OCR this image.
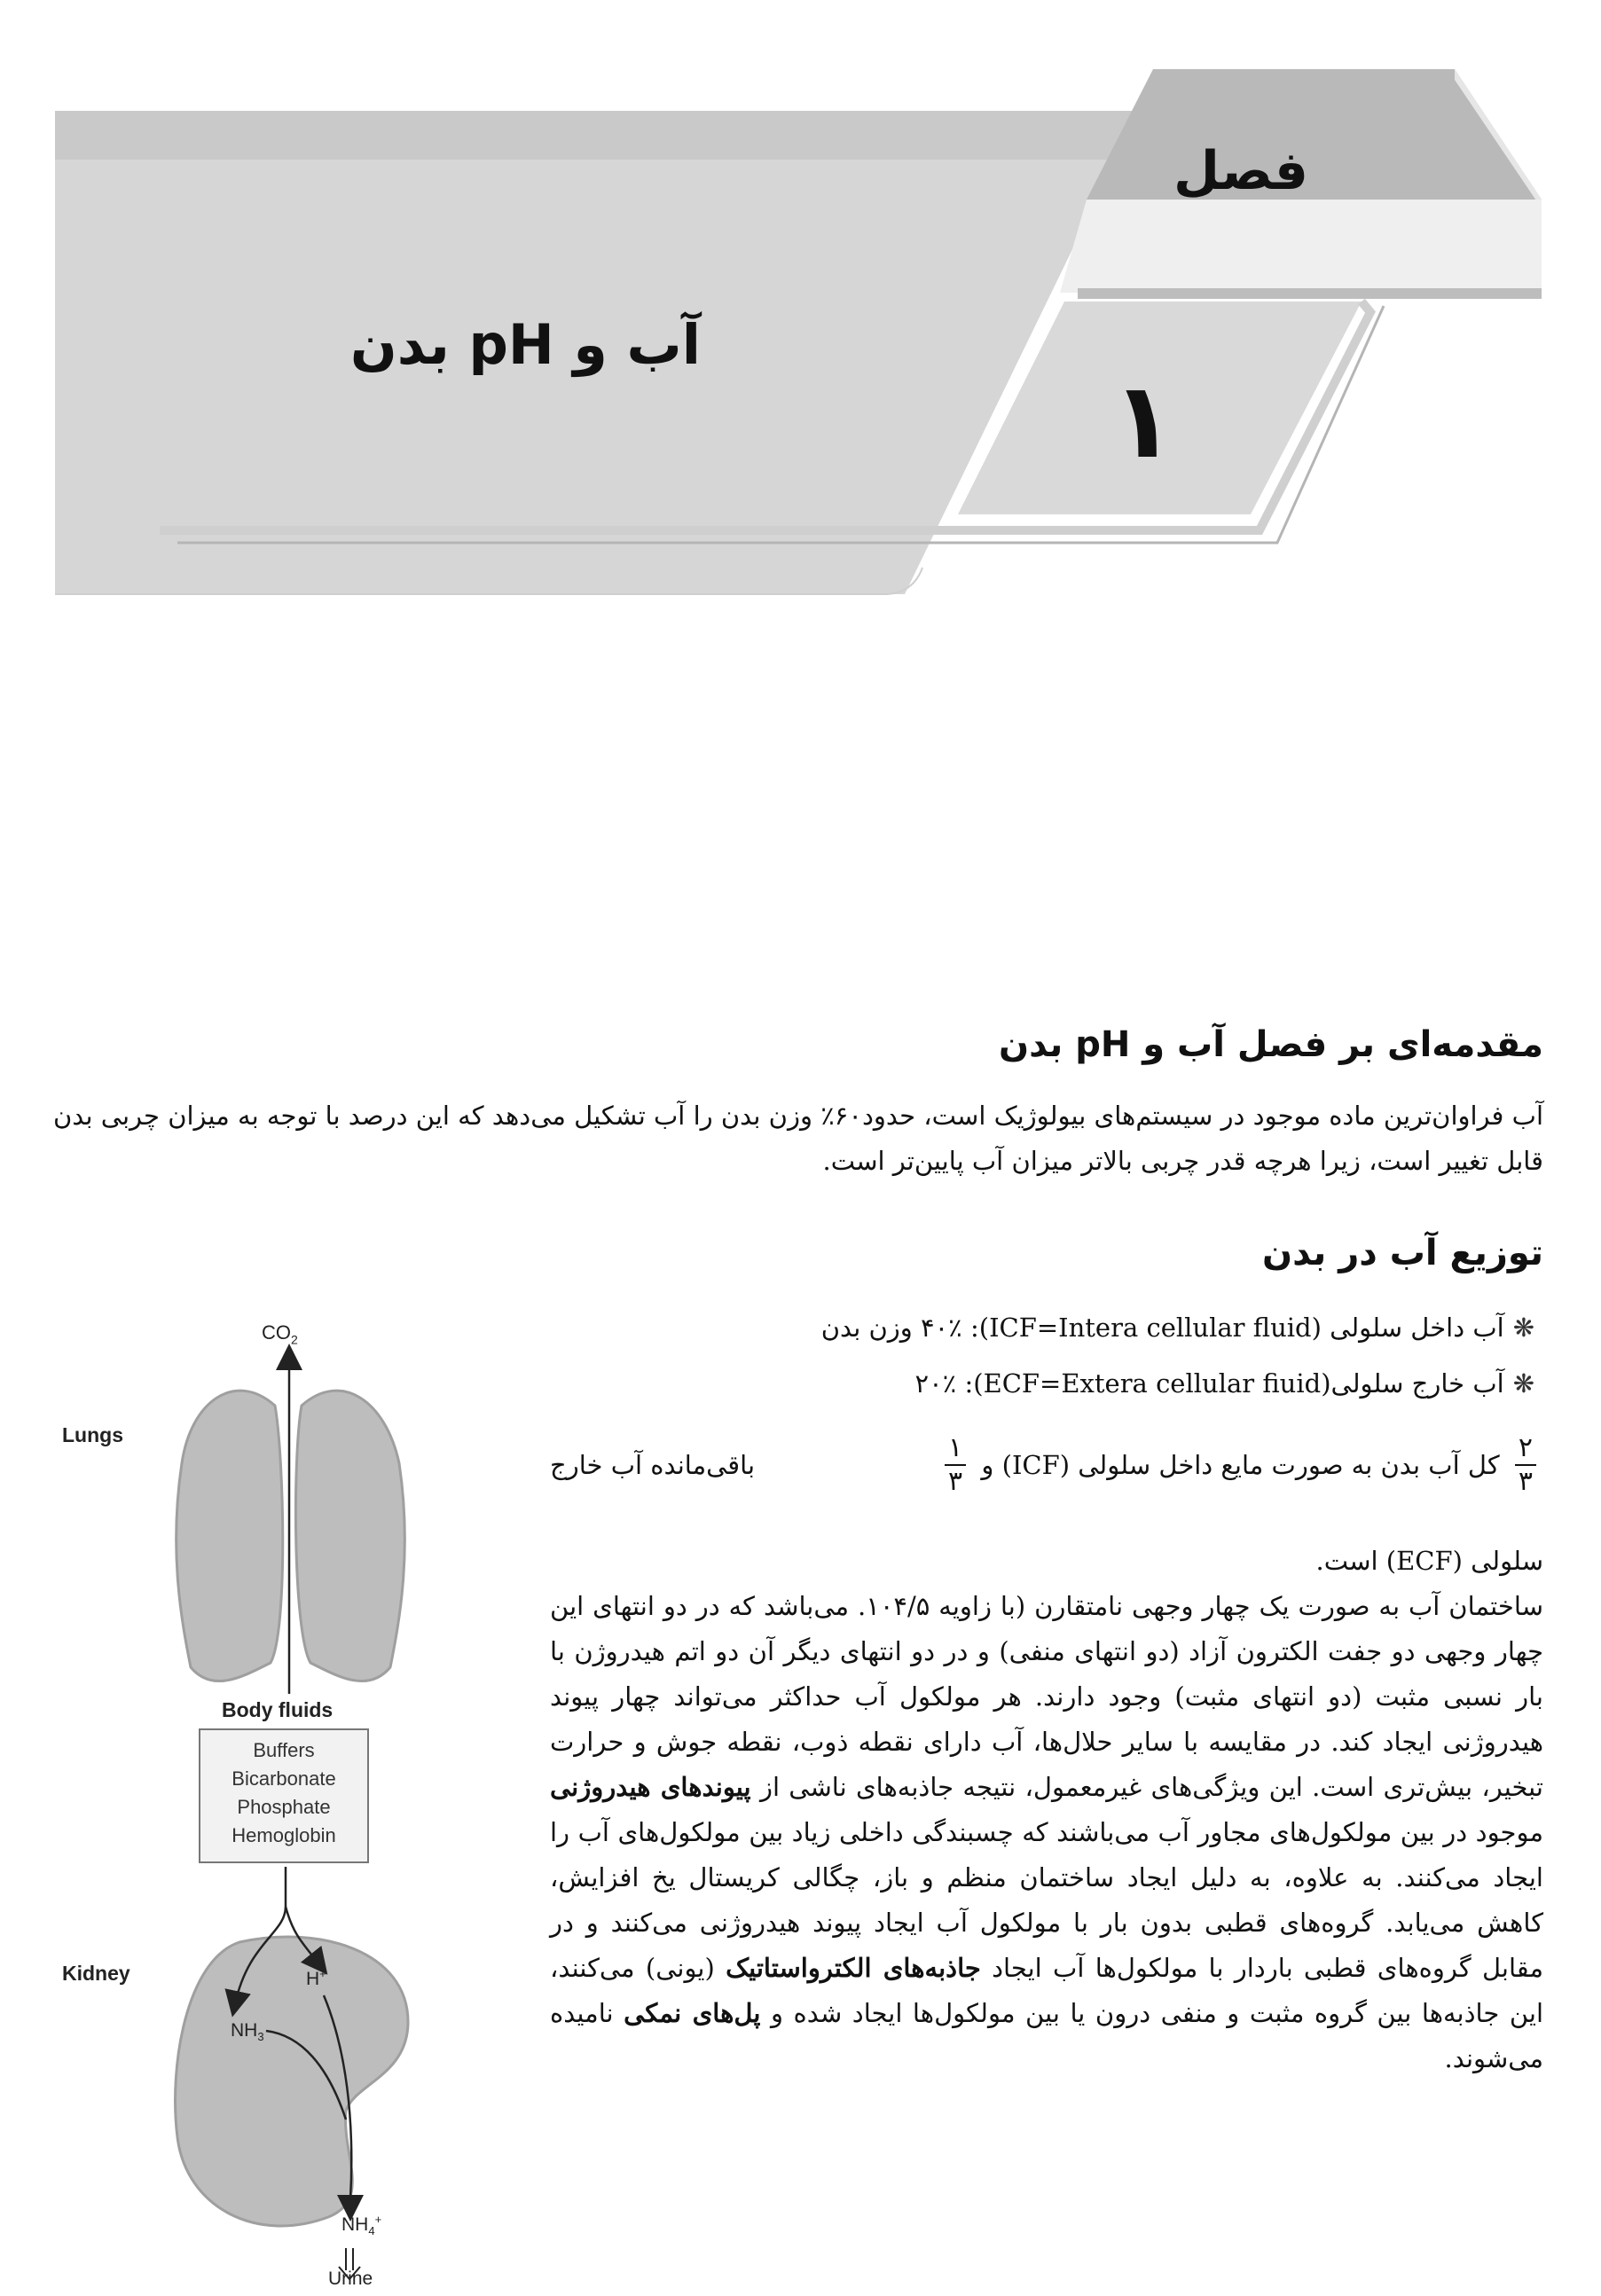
فصل
۱
آب و pH بدن
مقدمه‌ای بر فصل آب و pH بدن
آب فراوان‌ترین ماده موجود در سیستم‌های بیولوژیک است، حدود۶۰٪ وزن بدن را آب تشکیل می‌دهد که این درصد با توجه به میزان چربی بدن قابل تغییر است، زیرا هرچه قدر چربی بالاتر میزان آب پایین‌تر است.
توزیع آب در بدن
❋آب داخل سلولی (ICF=Intera cellular fluid): ۴۰٪ وزن بدن
❋آب خارج سلولی(ECF=Extera cellular fiuid): ۲۰٪
$\frac{۲}{۳}$
کل آب بدن به صورت مایع داخل سلولی (ICF) و
$\frac{۱}{۳}$
باقی‌مانده آب خارج
سلولی (ECF) است.
ساختمان آب به صورت یک چهار وجهی نامتقارن (با زاویه ۱۰۴/۵. می‌باشد که در دو انتهای این چهار وجهی دو جفت الکترون آزاد (دو انتهای منفی) و در دو انتهای دیگر آن دو اتم هیدروژن با بار نسبی مثبت (دو انتهای مثبت) وجود دارند. هر مولکول آب حداکثر می‌تواند چهار پیوند هیدروژنی ایجاد کند. در مقایسه با سایر حلال‌ها، آب دارای نقطه ذوب، نقطه جوش و حرارت تبخیر، بیش‌تری است. این ویژگی‌های غیرمعمول، نتیجه جاذبه‌های ناشی از پیوندهای هیدروژنی موجود در بین مولکول‌های مجاور آب می‌باشند که چسبندگی داخلی زیاد بین مولکول‌های آب را ایجاد می‌کنند. به علاوه، به دلیل ایجاد ساختمان منظم و باز، چگالی کریستال یخ افزایش، کاهش می‌یابد. گروه‌های قطبی بدون بار با مولکول آب ایجاد پیوند هیدروژنی می‌کنند و در مقابل گروه‌های قطبی باردار با مولکول‌ها آب ایجاد جاذبه‌های الکترواستاتیک (یونی) می‌کنند، این جاذبه‌ها بین گروه مثبت و منفی درون یا بین مولکول‌ها ایجاد شده و پل‌های نمکی نامیده می‌شوند.
$CO_2$
Lungs
Body fluids
Buffers
Bicarbonate
Phosphate
Hemoglobin
Kidney	H+
$NH_3$
$NH_4^+$
Urine
